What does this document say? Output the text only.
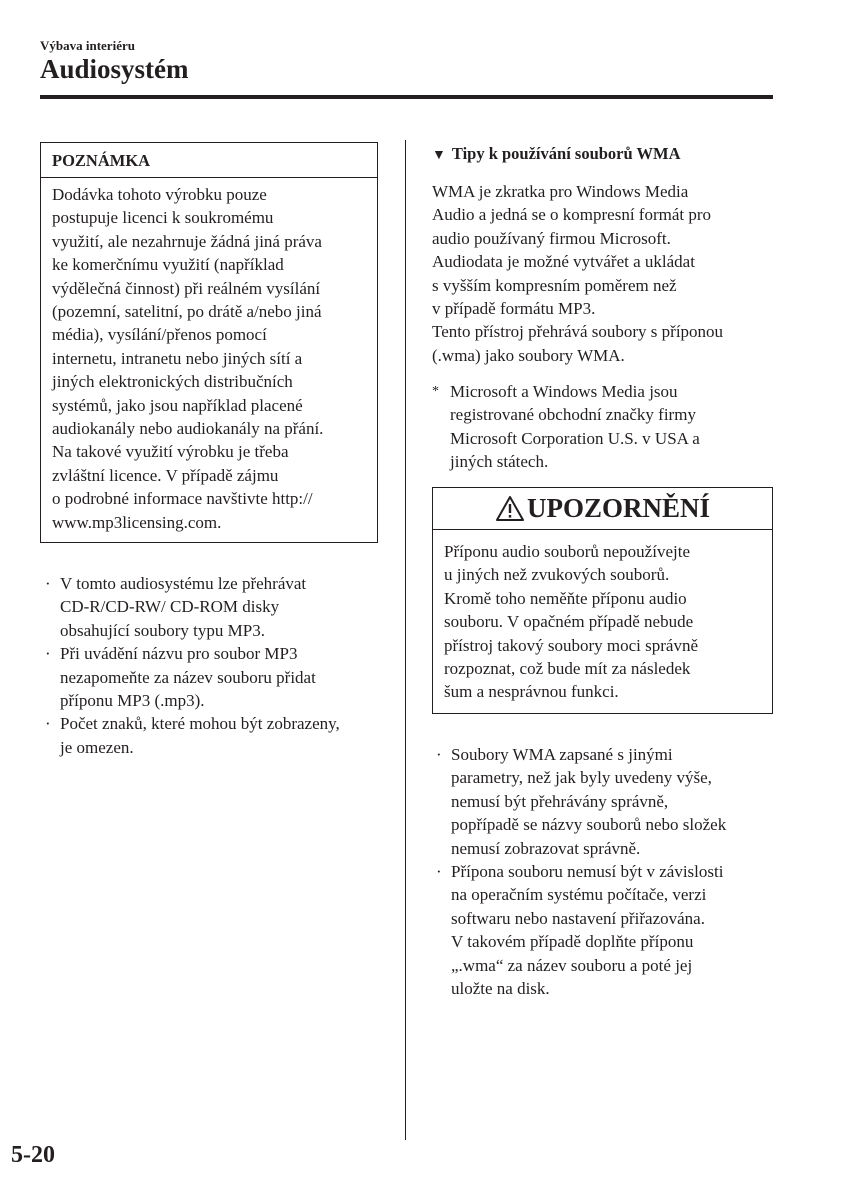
Výbava interiéru
Audiosystém
POZNÁMKA

Dodávka tohoto výrobku pouze
postupuje licenci k soukromému
využití, ale nezahrnuje žádná jiná práva
ke komerčnímu využití (například
výdělečná činnost) při reálném vysílání
(pozemní, satelitní, po drátě a/nebo jiná
média), vysílání/přenos pomocí
internetu, intranetu nebo jiných sítí a
jiných elektronických distribučních
systémů, jako jsou například placené
audiokanály nebo audiokanály na přání.
Na takové využití výrobku je třeba
zvláštní licence. V případě zájmu
o podrobné informace navštivte http://
www.mp3licensing.com.

· V tomto audiosystému lze přehrávat
CD-R/CD-RW/ CD-ROM disky
obsahující soubory typu MP3.
· Při uvádění názvu pro soubor MP3
nezapomeňte za název souboru přidat
příponu MP3 (.mp3).
· Počet znaků, které mohou být zobrazeny,
je omezen.
▼ Tipy k používání souborů WMA

WMA je zkratka pro Windows Media
Audio a jedná se o kompresní formát pro
audio používaný firmou Microsoft.
Audiodata je možné vytvářet a ukládat
s vyšším kompresním poměrem než
v případě formátu MP3.
Tento přístroj přehrává soubory s příponou
(.wma) jako soubory WMA.

* Microsoft a Windows Media jsou
registrované obchodní značky firmy
Microsoft Corporation U.S. v USA a
jiných státech.

UPOZORNĚNÍ

Příponu audio souborů nepoužívejte
u jiných než zvukových souborů.
Kromě toho neměňte příponu audio
souboru. V opačném případě nebude
přístroj takový soubory moci správně
rozpoznat, což bude mít za následek
šum a nesprávnou funkci.

· Soubory WMA zapsané s jinými
parametry, než jak byly uvedeny výše,
nemusí být přehrávány správně,
popřípadě se názvy souborů nebo složek
nemusí zobrazovat správně.
· Přípona souboru nemusí být v závislosti
na operačním systému počítače, verzi
softwaru nebo nastavení přiřazována.
V takovém případě doplňte příponu
„.wma“ za název souboru a poté jej
uložte na disk.
5-20
